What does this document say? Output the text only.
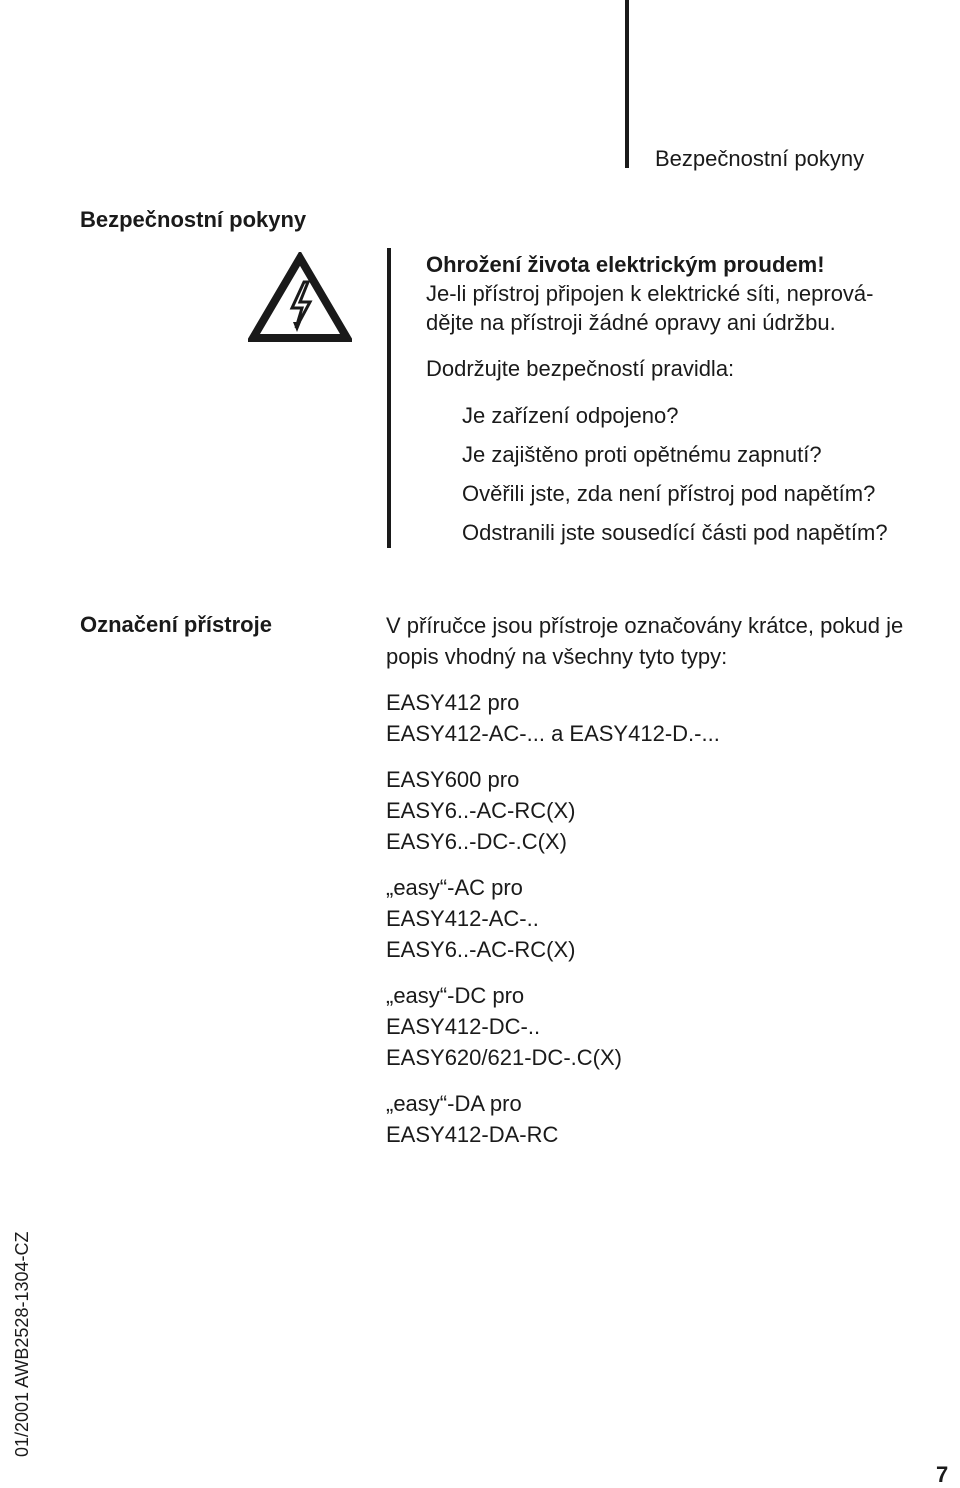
Bezpečnostní pokyny
Bezpečnostní pokyny
Ohrožení života elektrickým proudem!
Je-li přístroj připojen k elektrické síti, neprová-
dějte na přístroji žádné opravy ani údržbu.
Dodržujte bezpečností pravidla:
Je zařízení odpojeno?
Je zajištěno proti opětnému zapnutí?
Ověřili jste, zda není přístroj pod napětím?
Odstranili jste sousedící části pod napětím?
Označení přístroje	V příručce jsou přístroje označovány krátce, pokud je
popis vhodný na všechny tyto typy:
EASY412 pro
EASY412-AC-... a EASY412-D.-...
EASY600 pro
EASY6..-AC-RC(X)
EASY6..-DC-.C(X)
„easy“-AC pro
EASY412-AC-..
EASY6..-AC-RC(X)
„easy“-DC pro
EASY412-DC-..
EASY620/621-DC-.C(X)
„easy“-DA pro
EASY412-DA-RC
01/2001 AWB2528-1304-CZ
7
